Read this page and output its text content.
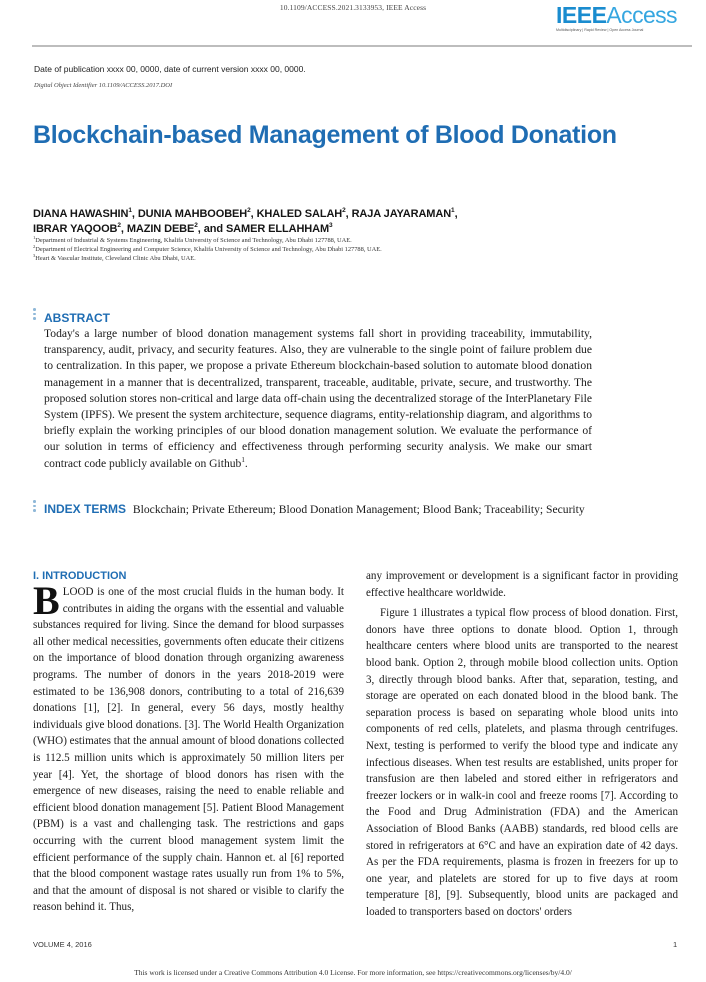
10.1109/ACCESS.2021.3133953, IEEE Access	IEEEAccess
Multidisciplinary | Rapid Review | Open Access Journal
Date of publication xxxx 00, 0000, date of current version xxxx 00, 0000.
Digital Object Identifier 10.1109/ACCESS.2017.DOI
Blockchain-based Management of Blood Donation
DIANA HAWASHIN$^1$, DUNIA MAHBOOBEH$^2$, KHALED SALAH$^2$, RAJA JAYARAMAN$^1$,
IBRAR YAQOOB$^2$, MAZIN DEBE$^2$, and SAMER ELLAHHAM$^3$
$^1$Department of Industrial & Systems Engineering, Khalifa University of Science and Technology, Abu Dhabi 127788, UAE.
$^2$Department of Electrical Engineering and Computer Science, Khalifa University of Science and Technology, Abu Dhabi 127788, UAE.
$^3$Heart & Vascular Institute, Cleveland Clinic Abu Dhabi, UAE.
ABSTRACT

Today's a large number of blood donation management systems fall short in providing traceability, immutability, transparency, audit, privacy, and security features. Also, they are vulnerable to the single point of failure problem due to centralization. In this paper, we propose a private Ethereum blockchain-based solution to automate blood donation management in a manner that is decentralized, transparent, traceable, auditable, private, secure, and trustworthy. The proposed solution stores non-critical and large data off-chain using the decentralized storage of the InterPlanetary File System (IPFS). We present the system architecture, sequence diagrams, entity-relationship diagram, and algorithms to briefly explain the working principles of our blood donation management solution. We evaluate the performance of our solution in terms of efficiency and effectiveness through performing security analysis. We make our smart contract code publicly available on Github$^1$.

INDEX TERMS Blockchain; Private Ethereum; Blood Donation Management; Blood Bank; Traceability; Security

I. INTRODUCTION

BLOOD is one of the most crucial fluids in the human body. It contributes in aiding the organs with the essential and valuable substances required for living. Since the demand for blood surpasses all other medical necessities, governments often educate their citizens on the importance of blood donation through organizing awareness programs. The number of donors in the years 2018-2019 were estimated to be 136,908 donors, contributing to a total of 216,639 donations [1], [2]. In general, every 56 days, mostly healthy individuals give blood donations. [3]. The World Health Organization (WHO) estimates that the annual amount of blood donations collected is 112.5 million units which is approximately 50 million liters per year [4]. Yet, the shortage of blood donors has risen with the emergence of new diseases, raising the need to enable reliable and efficient blood donation management [5]. Patient Blood Management (PBM) is a vast and challenging task. The restrictions and gaps occurring with the current blood management system limit the efficient performance of the supply chain. Hannon et. al [6] reported that the blood component wastage rates usually run from 1% to 5%, and that the amount of disposal is not shared or visible to clarify the reason behind it. Thus,

any improvement or development is a significant factor in providing effective healthcare worldwide.

Figure 1 illustrates a typical flow process of blood donation. First, donors have three options to donate blood. Option 1, through healthcare centers where blood units are transported to the nearest blood bank. Option 2, through mobile blood collection units. Option 3, directly through blood banks. After that, separation, testing, and storage are operated on each donated blood in the blood bank. The separation process is based on separating whole blood units into components of red cells, platelets, and plasma through centrifuges. Next, testing is performed to verify the blood type and indicate any infectious diseases. When test results are established, units proper for transfusion are then labeled and stored either in refrigerators and freezer lockers or in walk-in cool and freeze rooms [7]. According to the Food and Drug Administration (FDA) and the American Association of Blood Banks (AABB) standards, red blood cells are stored in refrigerators at 6°C and have an expiration date of 42 days. As per the FDA requirements, plasma is frozen in freezers for up to one year, and platelets are stored for up to five days at room temperature [8], [9]. Subsequently, blood units are packaged and loaded to transporters based on doctors' orders

VOLUME 4, 2016	1
This work is licensed under a Creative Commons Attribution 4.0 License. For more information, see https://creativecommons.org/licenses/by/4.0/
